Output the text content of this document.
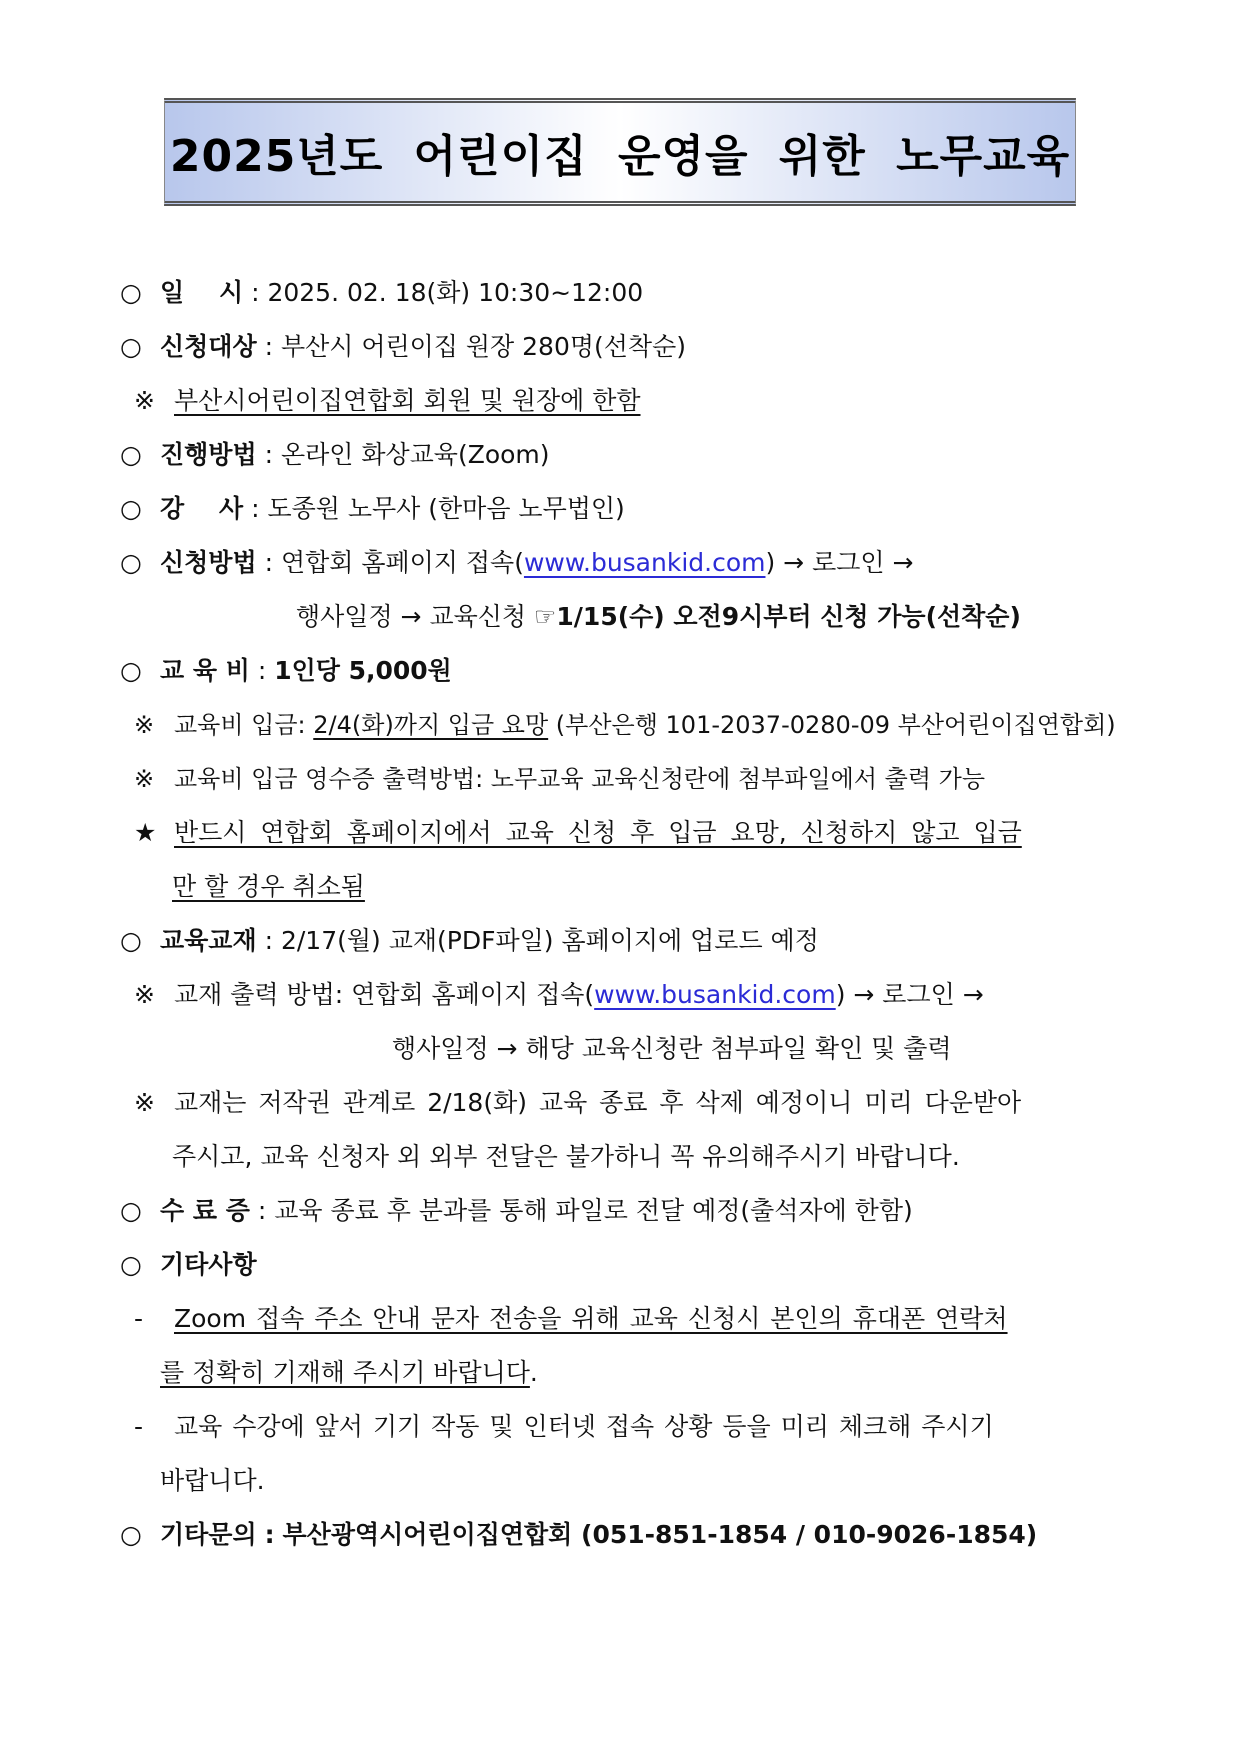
2025년도 어린이집 운영을 위한 노무교육
○ 일    시 : 2025. 02. 18(화) 10:30~12:00
○ 신청대상 : 부산시 어린이집 원장 280명(선착순)
※ 부산시어린이집연합회 회원 및 원장에 한함
○ 진행방법 : 온라인 화상교육(Zoom)
○ 강    사 : 도종원 노무사 (한마음 노무법인)
○ 신청방법 : 연합회 홈페이지 접속(www.busankid.com) → 로그인 →
행사일정 → 교육신청 ☞1/15(수) 오전9시부터 신청 가능(선착순)
○ 교 육 비 : 1인당 5,000원
※ 교육비 입금: 2/4(화)까지 입금 요망 (부산은행 101-2037-0280-09 부산어린이집연합회)
※ 교육비 입금 영수증 출력방법: 노무교육 교육신청란에 첨부파일에서 출력 가능
★ 반드시 연합회 홈페이지에서 교육 신청 후 입금 요망, 신청하지 않고 입금
만 할 경우 취소됨
○ 교육교재 : 2/17(월) 교재(PDF파일) 홈페이지에 업로드 예정
※ 교재 출력 방법: 연합회 홈페이지 접속(www.busankid.com) → 로그인 →
행사일정 → 해당 교육신청란 첨부파일 확인 및 출력
※ 교재는 저작권 관계로 2/18(화) 교육 종료 후 삭제 예정이니 미리 다운받아
주시고, 교육 신청자 외 외부 전달은 불가하니 꼭 유의해주시기 바랍니다.
○ 수 료 증 : 교육 종료 후 분과를 통해 파일로 전달 예정(출석자에 한함)
○ 기타사항
- Zoom 접속 주소 안내 문자 전송을 위해 교육 신청시 본인의 휴대폰 연락처
를 정확히 기재해 주시기 바랍니다.
- 교육 수강에 앞서 기기 작동 및 인터넷 접속 상황 등을 미리 체크해 주시기
바랍니다.
○ 기타문의 : 부산광역시어린이집연합회 (051-851-1854 / 010-9026-1854)
